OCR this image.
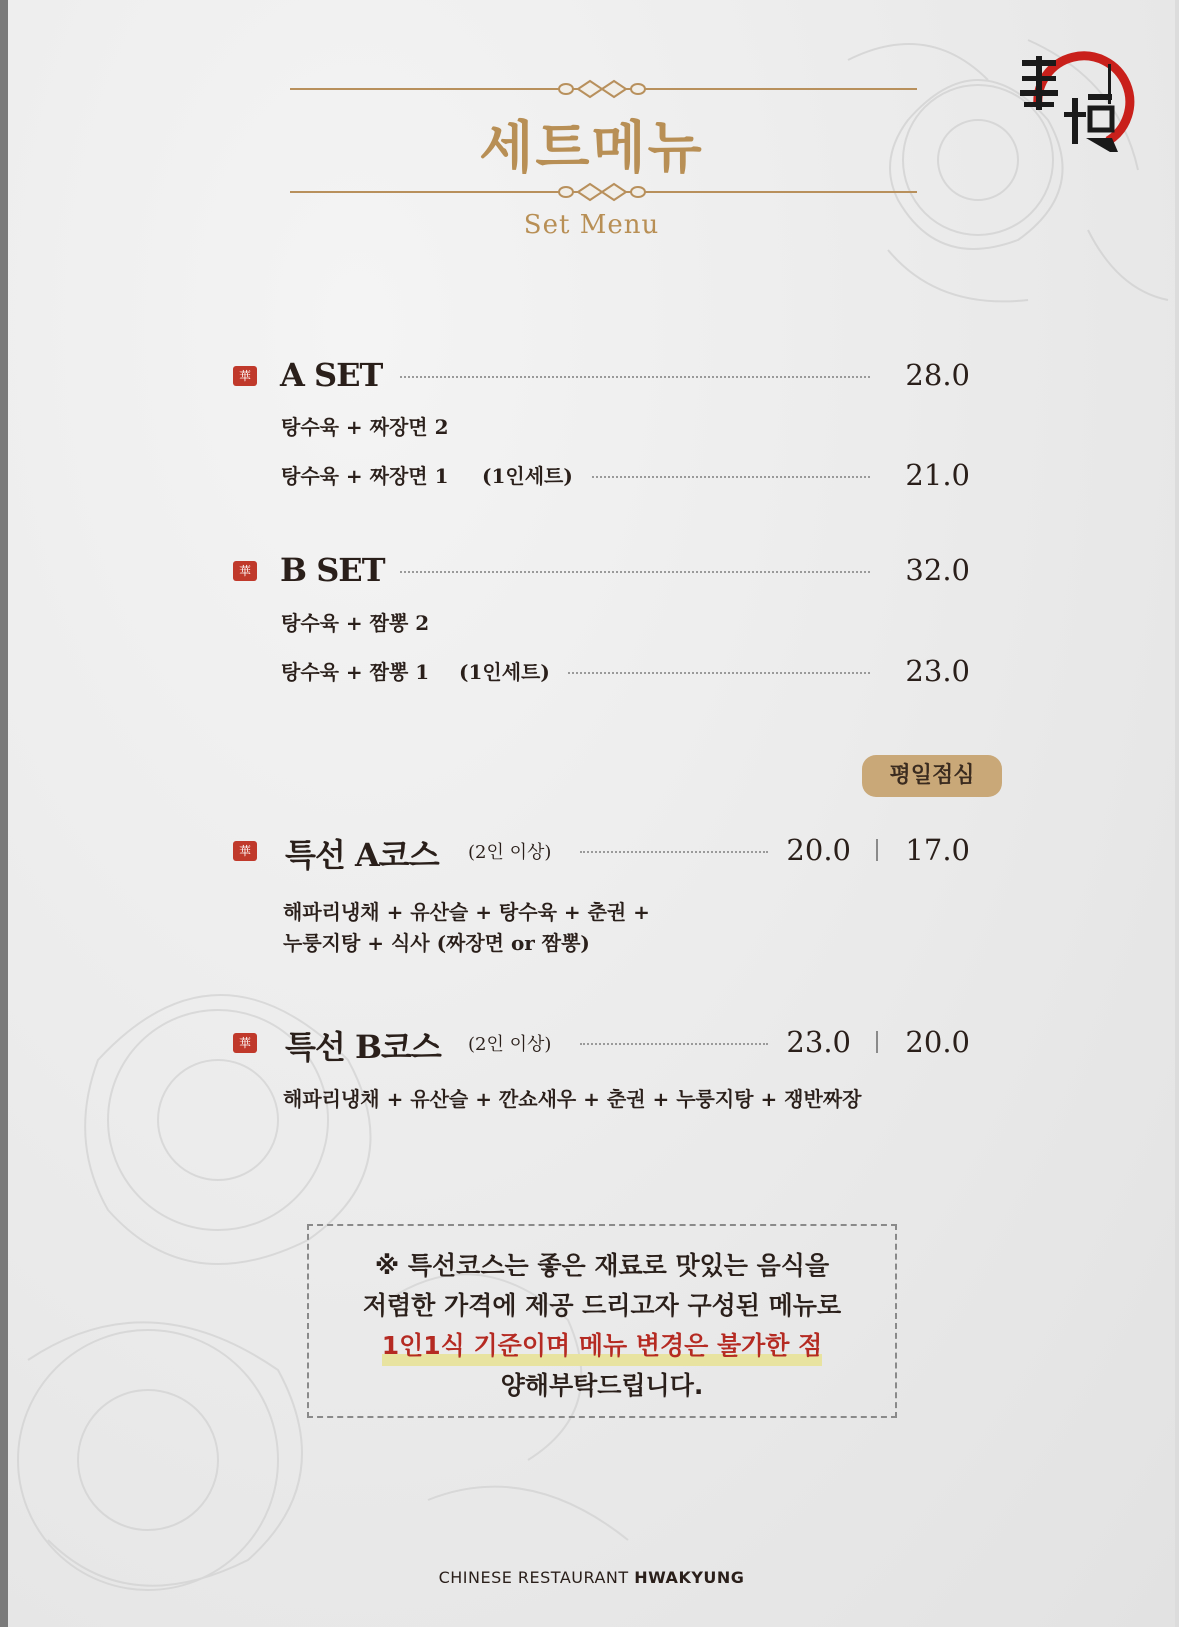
세트메뉴
Set Menu
華 A SET	28.0
탕수육 + 짜장면 2
탕수육 + 짜장면 1 (1인세트)	21.0
華 B SET	32.0
탕수육 + 짬뽕 2
탕수육 + 짬뽕 1 (1인세트)	23.0
평일점심
華 특선 A코스 (2인 이상)	20.0	17.0
해파리냉채 + 유산슬 + 탕수육 + 춘권 +
누룽지탕 + 식사 (짜장면 or 짬뽕)
華 특선 B코스 (2인 이상)	23.0	20.0
해파리냉채 + 유산슬 + 깐쇼새우 + 춘권 + 누룽지탕 + 쟁반짜장
※ 특선코스는 좋은 재료로 맛있는 음식을
저렴한 가격에 제공 드리고자 구성된 메뉴로
1인1식 기준이며 메뉴 변경은 불가한 점
양해부탁드립니다.
CHINESE RESTAURANT HWAKYUNG
